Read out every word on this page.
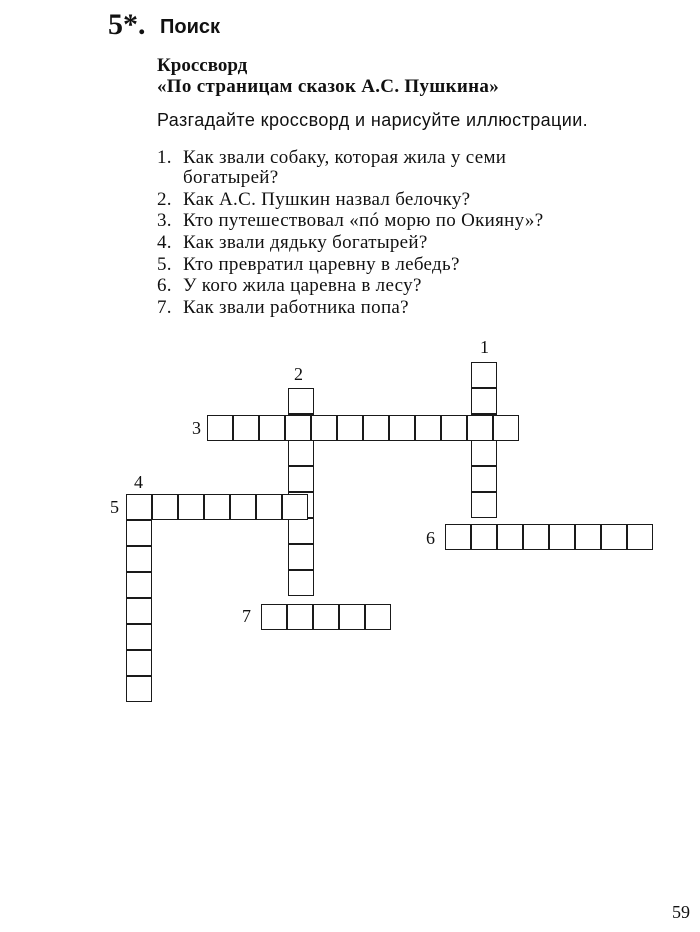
5*. Поиск
Кроссворд
«По страницам сказок А.С. Пушкина»
Разгадайте кроссворд и нарисуйте иллюстрации.
1. Как звали собаку, которая жила у семи
богатырей?
2. Как А.С. Пушкин назвал белочку?
3. Кто путешествовал «пó морю по Окияну»?
4. Как звали дядьку богатырей?
5. Кто превратил царевну в лебедь?
6. У кого жила царевна в лесу?
7. Как звали работника попа?
1
2
3
4
5
6
7
59
